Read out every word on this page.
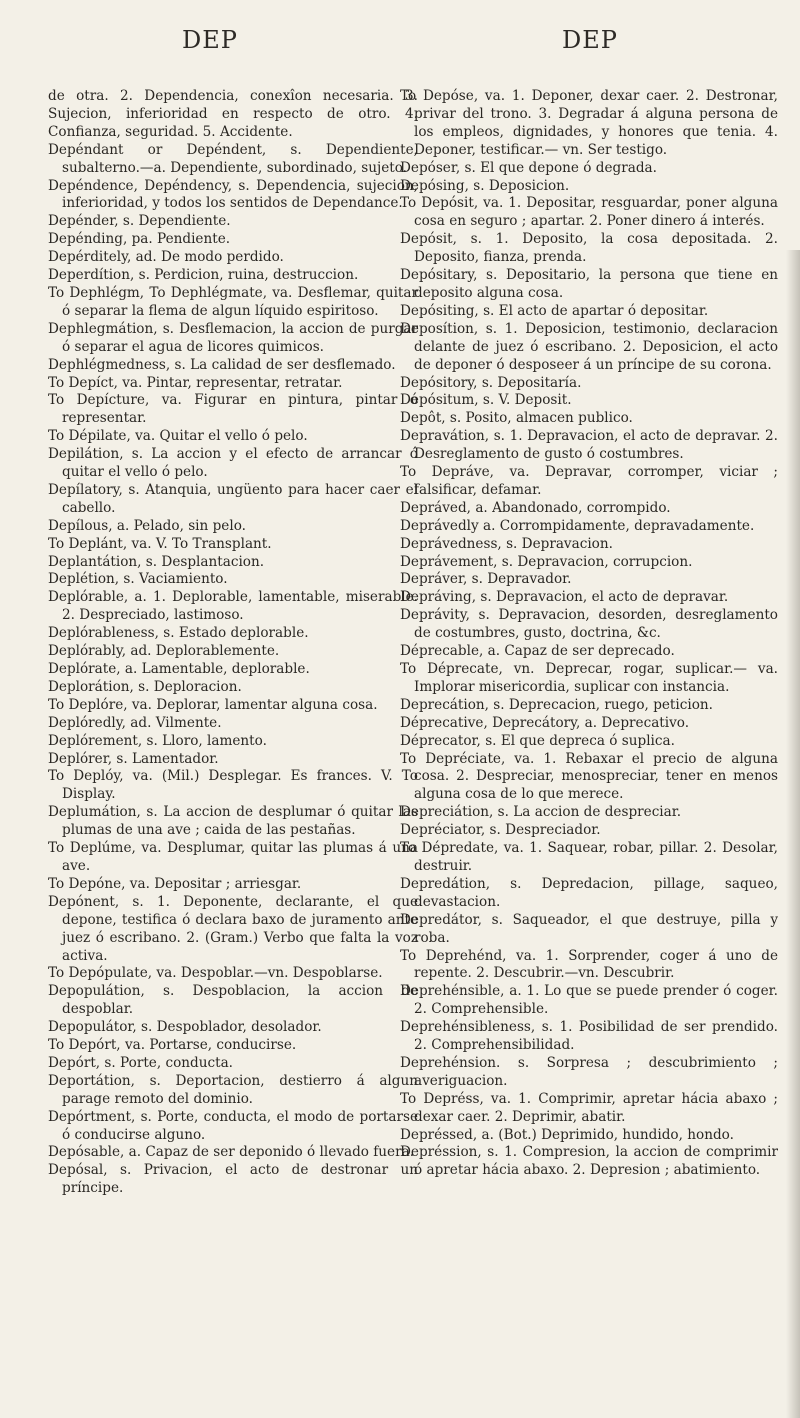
DEP	DEP

de otra. 2. Dependencia, conexîon necesaria. 3. Sujecion, inferioridad en respecto de otro. 4. Confianza, seguridad. 5. Accidente.

Depéndant or Depéndent, s. Dependiente, subalterno.—a. Dependiente, subordinado, sujeto.

Depéndence, Depéndency, s. Dependencia, sujecion, inferioridad, y todos los sentidos de Dependance.

Depénder, s. Dependiente.

Depénding, pa. Pendiente.

Depérditely, ad. De modo perdido.

Deperdítion, s. Perdicion, ruina, destruccion.

To Dephlégm, To Dephlégmate, va. Desflemar, quitar ó separar la flema de algun líquido espiritoso.

Dephlegmátion, s. Desflemacion, la accion de purgar ó separar el agua de licores quimicos.

Dephlégmedness, s. La calidad de ser desflemado.

To Depíct, va. Pintar, representar, retratar.

To Depícture, va. Figurar en pintura, pintar ó representar.

To Dépilate, va. Quitar el vello ó pelo.

Depilátion, s. La accion y el efecto de arrancar ó quitar el vello ó pelo.

Depílatory, s. Atanquia, ungüento para hacer caer el cabello.

Depílous, a. Pelado, sin pelo.

To Deplánt, va. V. To Transplant.

Deplantátion, s. Desplantacion.

Deplétion, s. Vaciamiento.

Deplórable, a. 1. Deplorable, lamentable, miserable. 2. Despreciado, lastimoso.

Deplórableness, s. Estado deplorable.

Deplórably, ad. Deplorablemente.

Deplórate, a. Lamentable, deplorable.

Deplorátion, s. Deploracion.

To Deplóre, va. Deplorar, lamentar alguna cosa.

Deplóredly, ad. Vilmente.

Deplórement, s. Lloro, lamento.

Deplórer, s. Lamentador.

To Deplóy, va. (Mil.) Desplegar. Es frances. V. To Display.

Deplumátion, s. La accion de desplumar ó quitar las plumas de una ave ; caida de las pestañas.

To Deplúme, va. Desplumar, quitar las plumas á una ave.

To Depóne, va. Depositar ; arriesgar.

Depónent, s. 1. Deponente, declarante, el que depone, testifica ó declara baxo de juramento ante juez ó escribano. 2. (Gram.) Verbo que falta la voz activa.

To Depópulate, va. Despoblar.—vn. Despoblarse.

Depopulátion, s. Despoblacion, la accion de despoblar.

Depopulátor, s. Despoblador, desolador.

To Depórt, va. Portarse, conducirse.

Depórt, s. Porte, conducta.

Deportátion, s. Deportacion, destierro á algun parage remoto del dominio.

Depórtment, s. Porte, conducta, el modo de portarse ó conducirse alguno.

Depósable, a. Capaz de ser deponido ó llevado fuera.

Depósal, s. Privacion, el acto de destronar un príncipe.

To Depóse, va. 1. Deponer, dexar caer. 2. Destronar, privar del trono. 3. Degradar á alguna persona de los empleos, dignidades, y honores que tenia. 4. Deponer, testificar.— vn. Ser testigo.

Depóser, s. El que depone ó degrada.

Depósing, s. Deposicion.

To Depósit, va. 1. Depositar, resguardar, poner alguna cosa en seguro ; apartar. 2. Poner dinero á interés.

Depósit, s. 1. Deposito, la cosa depositada. 2. Deposito, fianza, prenda.

Depósitary, s. Depositario, la persona que tiene en deposito alguna cosa.

Depósiting, s. El acto de apartar ó depositar.

Deposítion, s. 1. Deposicion, testimonio, declaracion delante de juez ó escribano. 2. Deposicion, el acto de deponer ó desposeer á un príncipe de su corona.

Depósitory, s. Depositaría.

Depósitum, s. V. Deposit.

Depôt, s. Posito, almacen publico.

Depravátion, s. 1. Depravacion, el acto de depravar. 2. Desreglamento de gusto ó costumbres.

To Depráve, va. Depravar, corromper, viciar ; falsificar, defamar.

Depráved, a. Abandonado, corrompido.

Deprávedly a. Corrompidamente, depravadamente.

Deprávedness, s. Depravacion.

Deprávement, s. Depravacion, corrupcion.

Depráver, s. Depravador.

Depráving, s. Depravacion, el acto de depravar.

Deprávity, s. Depravacion, desorden, desreglamento de costumbres, gusto, doctrina, &c.

Déprecable, a. Capaz de ser deprecado.

To Déprecate, vn. Deprecar, rogar, suplicar.— va. Implorar misericordia, suplicar con instancia.

Deprecátion, s. Deprecacion, ruego, peticion.

Déprecative, Deprecátory, a. Deprecativo.

Déprecator, s. El que depreca ó suplica.

To Depréciate, va. 1. Rebaxar el precio de alguna cosa. 2. Despreciar, menospreciar, tener en menos alguna cosa de lo que merece.

Depreciátion, s. La accion de despreciar.

Depréciator, s. Despreciador.

To Dépredate, va. 1. Saquear, robar, pillar. 2. Desolar, destruir.

Depredátion, s. Depredacion, pillage, saqueo, devastacion.

Depredátor, s. Saqueador, el que destruye, pilla y roba.

To Deprehénd, va. 1. Sorprender, coger á uno de repente. 2. Descubrir.—vn. Descubrir.

Deprehénsible, a. 1. Lo que se puede prender ó coger. 2. Comprehensible.

Deprehénsibleness, s. 1. Posibilidad de ser prendido. 2. Comprehensibilidad.

Deprehénsion. s. Sorpresa ; descubrimiento ; averiguacion.

To Depréss, va. 1. Comprimir, apretar hácia abaxo ; dexar caer. 2. Deprimir, abatir.

Depréssed, a. (Bot.) Deprimido, hundido, hondo.

Depréssion, s. 1. Compresion, la accion de comprimir ó apretar hácia abaxo. 2. Depresion ; abatimiento.
